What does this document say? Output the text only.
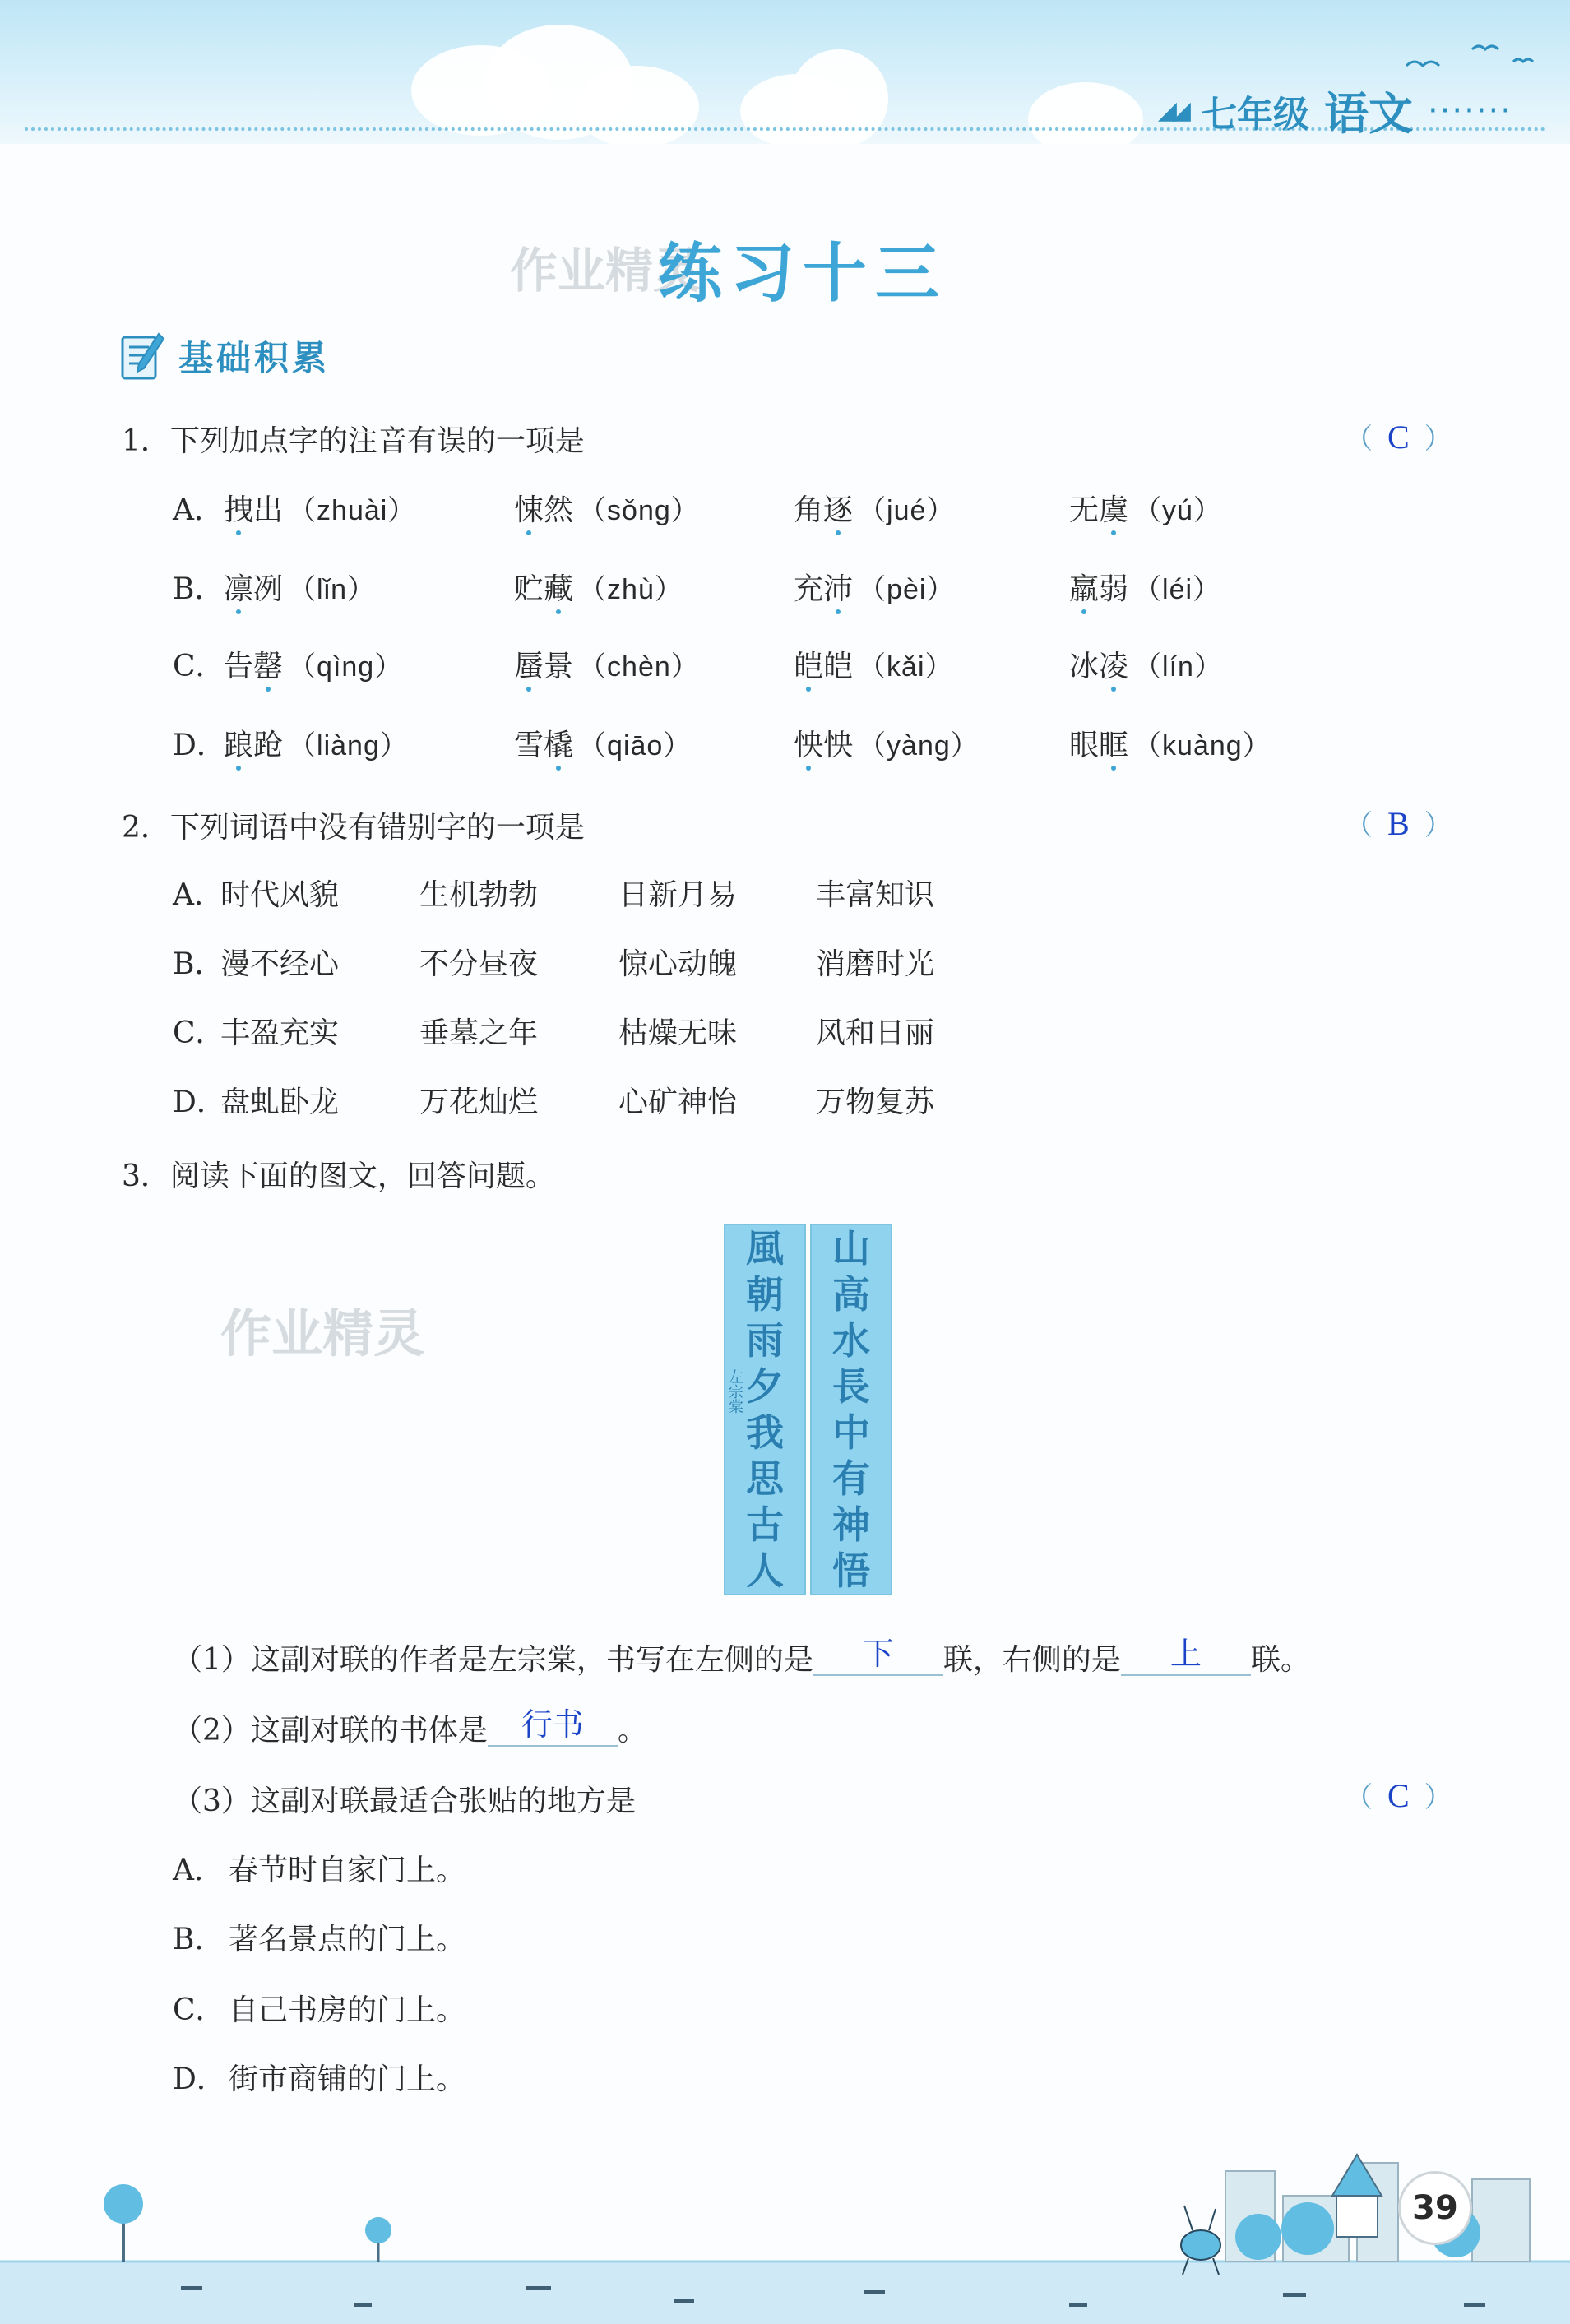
◢◢ 七年级 语文 ·······
作业精灵
练习十三
基础积累
1．下列加点字的注音有误的一项是	（ C ）
A． 拽出 （zhuài）	悚然 （sǒng）	角逐 （jué）	无虞 （yú）
B． 凛冽 （lǐn）	贮藏 （zhù）	充沛 （pèi）	羸弱 （léi）
C．
告罄 （qìng）	蜃景 （chèn）	皑皑 （kǎi）	冰凌 （lín）
D．
踉跄 （liàng）	雪橇 （qiāo）	怏怏 （yàng）	眼眶 （kuàng）
2．下列词语中没有错别字的一项是	（ B ）
A．
时代风貌	生机勃勃	日新月易	丰富知识
B．
漫不经心	不分昼夜	惊心动魄	消磨时光
C．
丰盈充实	垂墓之年	枯燥无味	风和日丽
D．
盘虬卧龙	万花灿烂	心矿神怡	万物复苏
3．阅读下面的图文，回答问题。
作业精灵
風
朝
雨
夕
我
思
古
人
山
高
水
長
中
有
神
悟
（1）这副对联的作者是左宗棠，书写在左侧的是 下 联，右侧的是 上 联。
（2）这副对联的书体是 行书 。
（3）这副对联最适合张贴的地方是	（ C ）
A． 春节时自家门上。
B． 著名景点的门上。
C． 自己书房的门上。
D． 街市商铺的门上。
39
左宗棠
